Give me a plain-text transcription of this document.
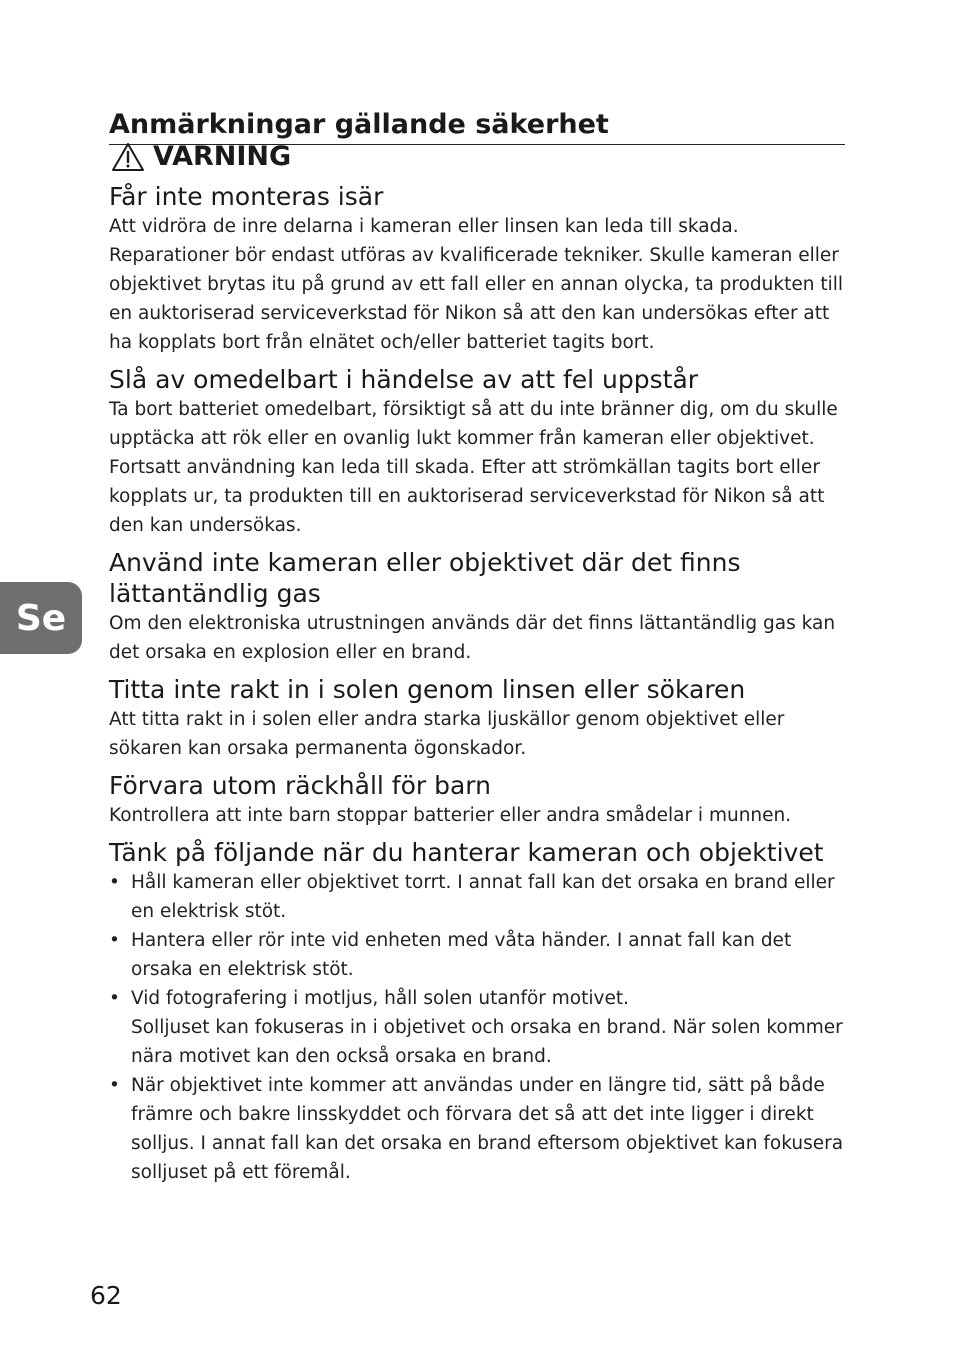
Anmärkningar gällande säkerhet
VARNING
Får inte monteras isär

Att vidröra de inre delarna i kameran eller linsen kan leda till skada. Reparationer bör endast utföras av kvalificerade tekniker. Skulle kameran eller objektivet brytas itu på grund av ett fall eller en annan olycka, ta produkten till en auktoriserad serviceverkstad för Nikon så att den kan undersökas efter att ha kopplats bort från elnätet och/eller batteriet tagits bort.

Slå av omedelbart i händelse av att fel uppstår

Ta bort batteriet omedelbart, försiktigt så att du inte bränner dig, om du skulle upptäcka att rök eller en ovanlig lukt kommer från kameran eller objektivet. Fortsatt användning kan leda till skada. Efter att strömkällan tagits bort eller kopplats ur, ta produkten till en auktoriserad serviceverkstad för Nikon så att den kan undersökas.

Använd inte kameran eller objektivet där det finns lättantändlig gas

Om den elektroniska utrustningen används där det finns lättantändlig gas kan det orsaka en explosion eller en brand.

Titta inte rakt in i solen genom linsen eller sökaren

Att titta rakt in i solen eller andra starka ljuskällor genom objektivet eller sökaren kan orsaka permanenta ögonskador.

Förvara utom räckhåll för barn

Kontrollera att inte barn stoppar batterier eller andra smådelar i munnen.

Tänk på följande när du hanterar kameran och objektivet
• Håll kameran eller objektivet torrt. I annat fall kan det orsaka en brand eller en elektrisk stöt.
• Hantera eller rör inte vid enheten med våta händer. I annat fall kan det orsaka en elektrisk stöt.
• Vid fotografering i motljus, håll solen utanför motivet.
Solljuset kan fokuseras in i objetivet och orsaka en brand. När solen kommer nära motivet kan den också orsaka en brand.
• När objektivet inte kommer att användas under en längre tid, sätt på både främre och bakre linsskyddet och förvara det så att det inte ligger i direkt solljus. I annat fall kan det orsaka en brand eftersom objektivet kan fokusera solljuset på ett föremål.
Se
62
